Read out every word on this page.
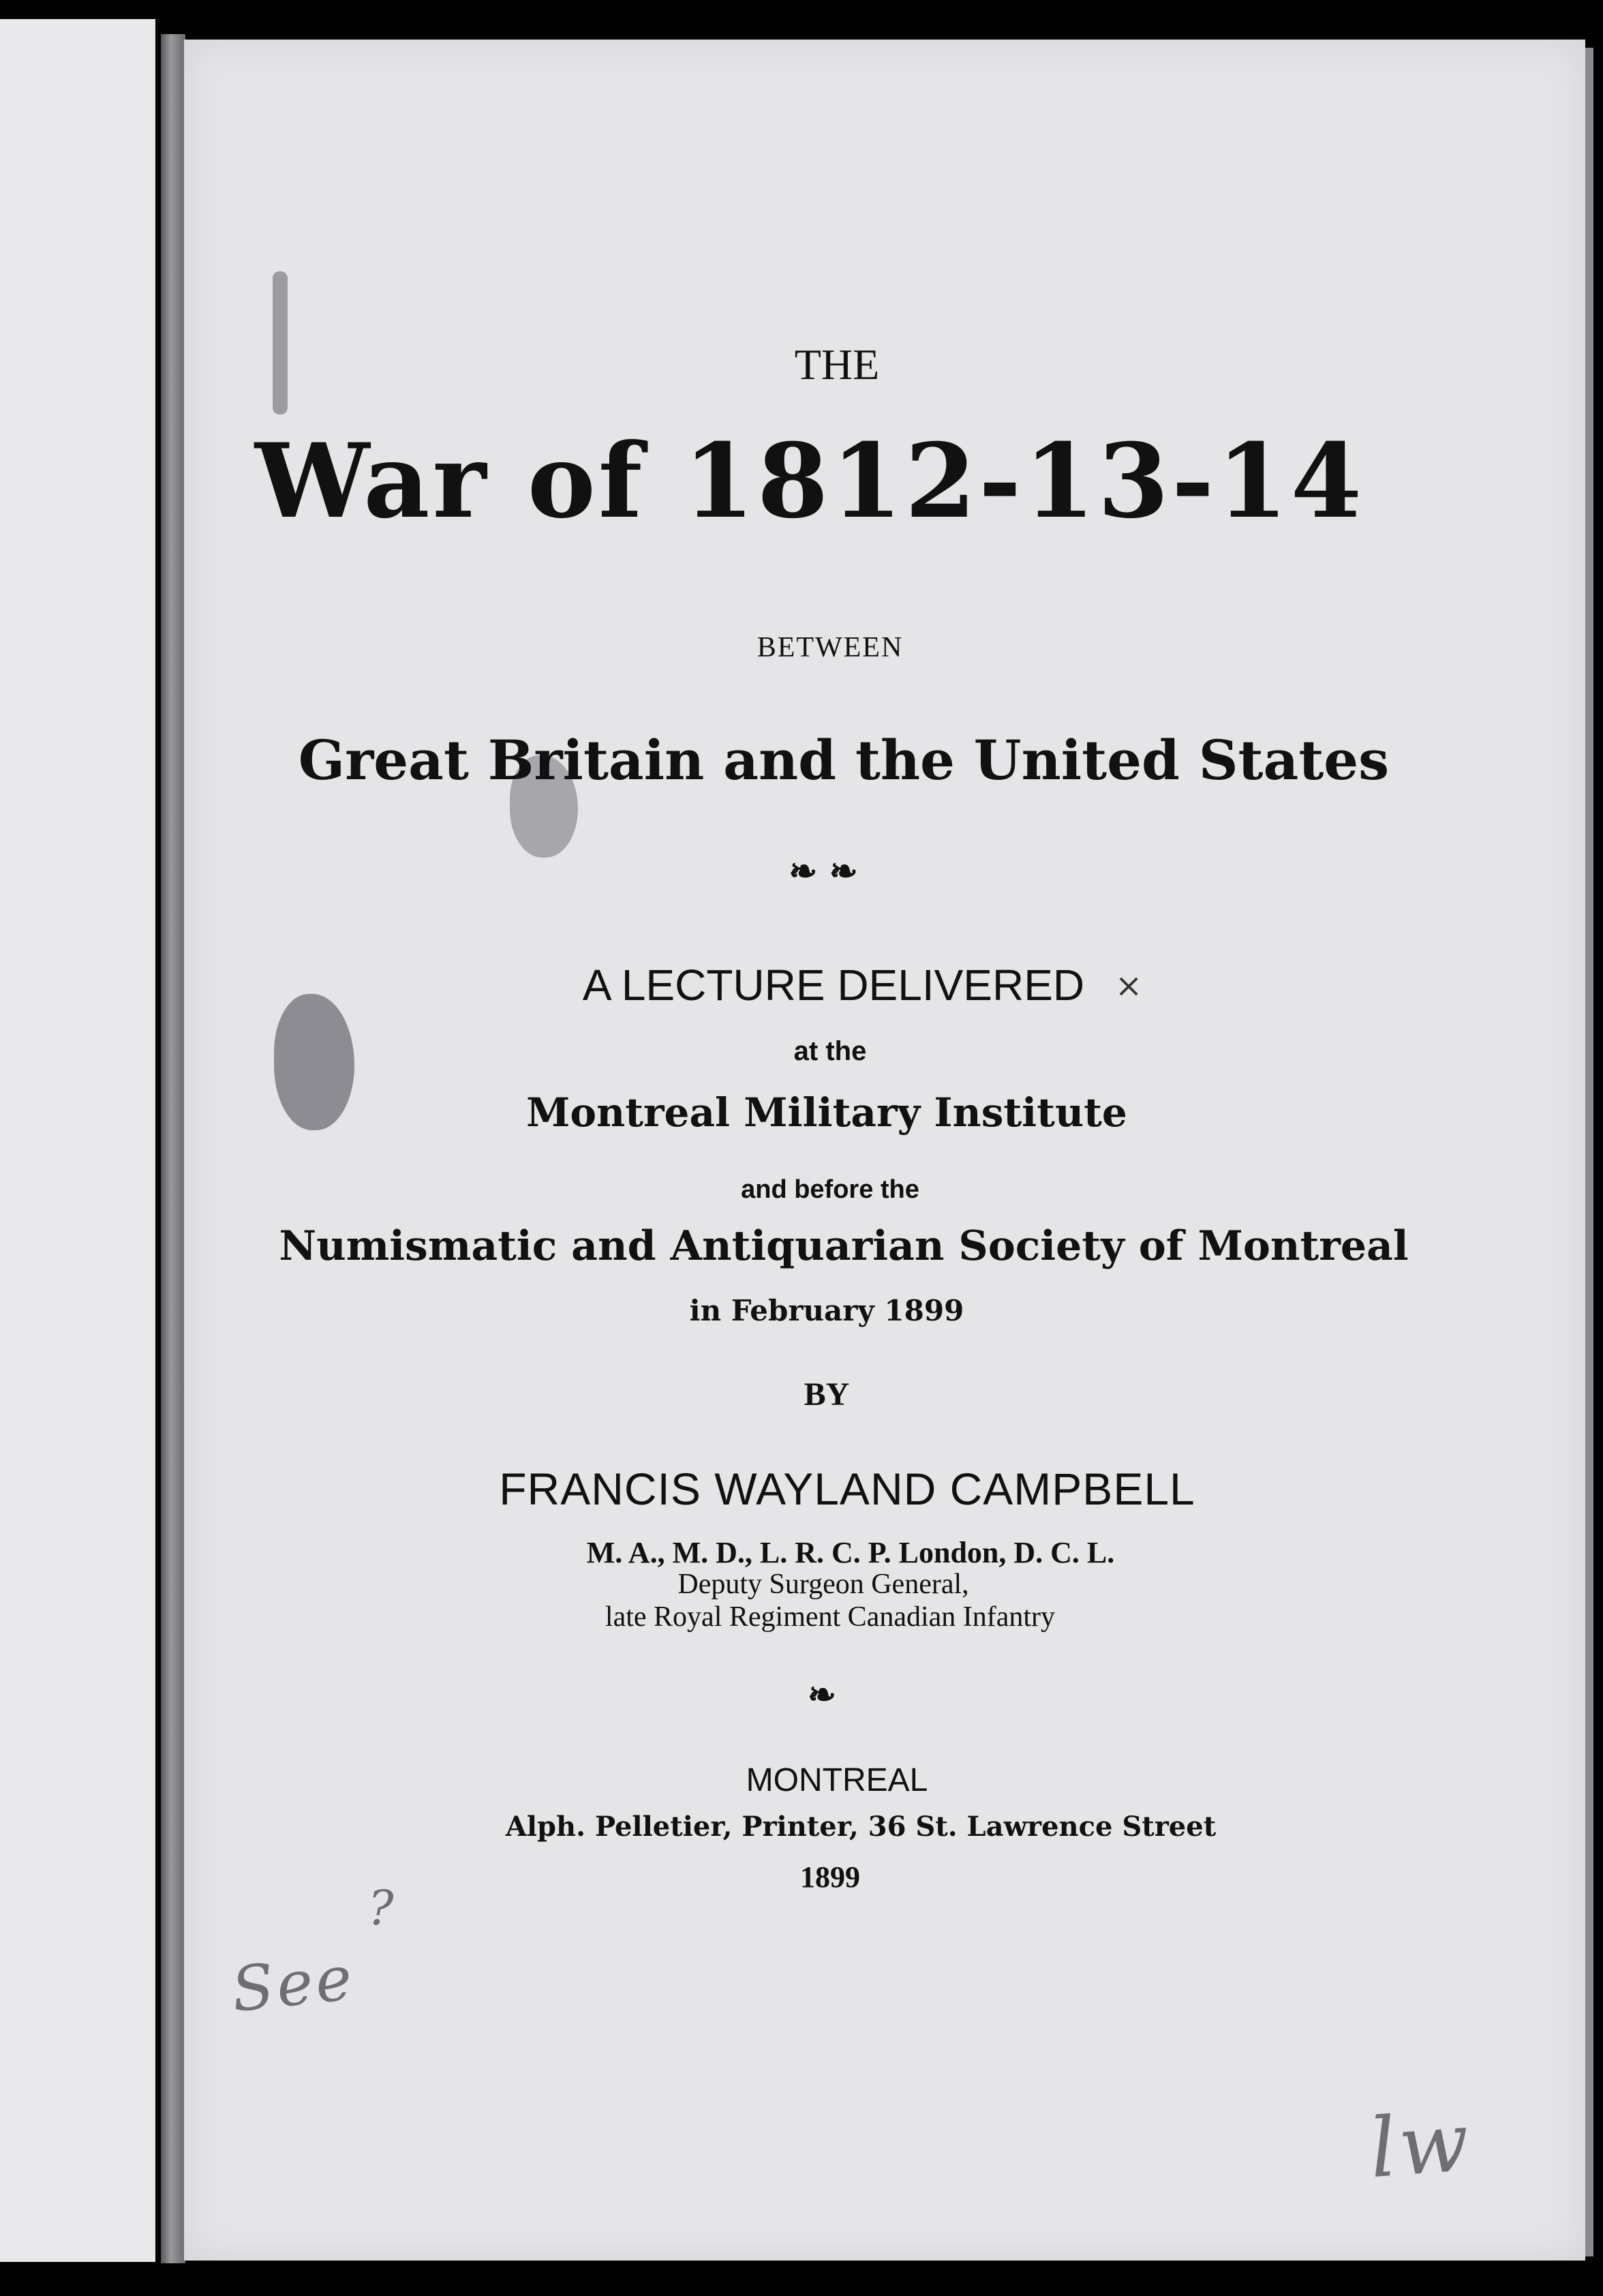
THE
War of 1812-13-14
BETWEEN
Great Britain and the United States
❧ ❧
A LECTURE DELIVERED
at the
Montreal Military Institute
and before the
Numismatic and Antiquarian Society of Montreal
in February 1899
BY
FRANCIS WAYLAND CAMPBELL
M. A., M. D., L. R. C. P. London, D. C. L.
Deputy Surgeon General,
late Royal Regiment Canadian Infantry
❧
MONTREAL
Alph. Pelletier, Printer, 36 St. Lawrence Street
1899
×
See
?
lw
